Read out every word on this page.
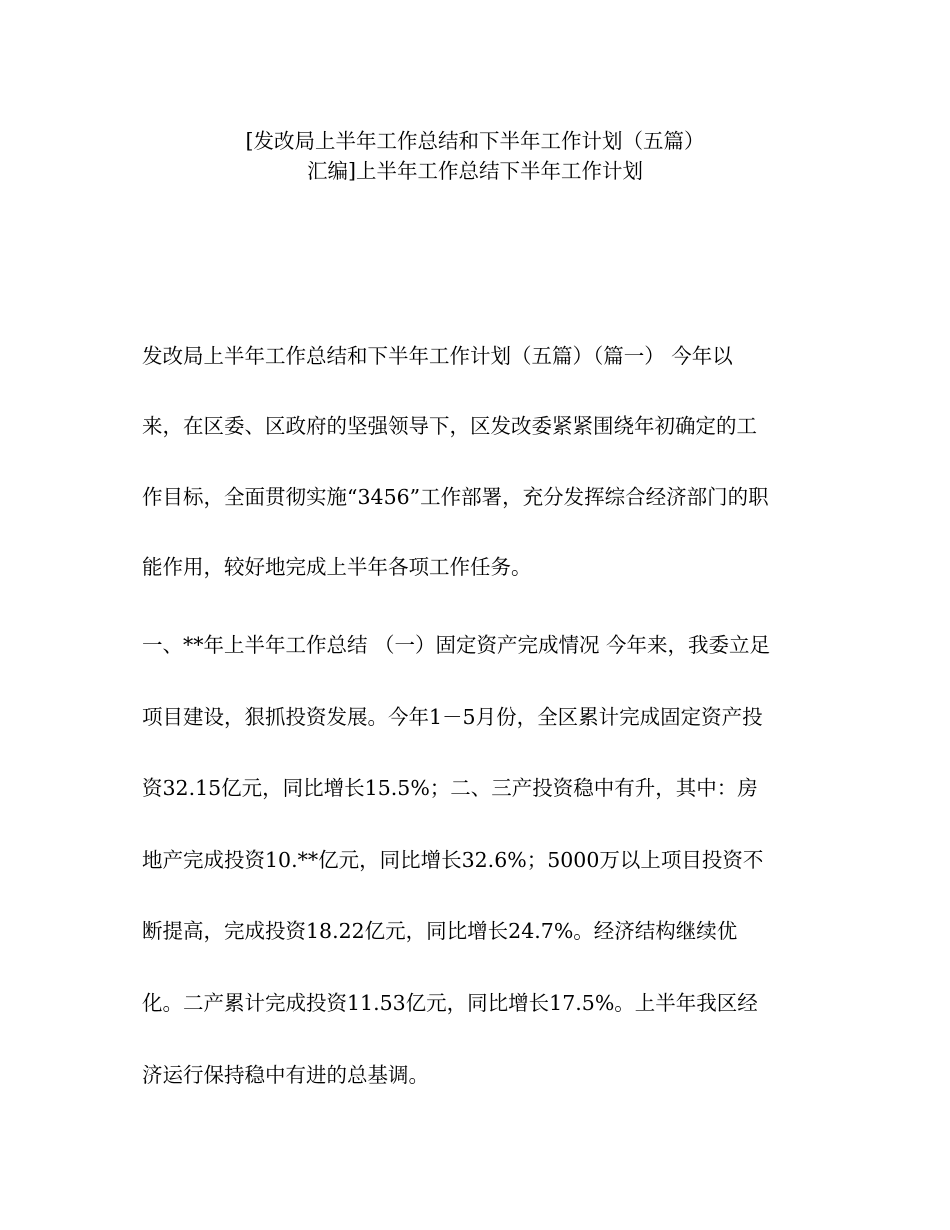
[发改局上半年工作总结和下半年工作计划（五篇）
汇编]上半年工作总结下半年工作计划
发改局上半年工作总结和下半年工作计划（五篇）（篇一） 今年以
来，在区委、区政府的坚强领导下，区发改委紧紧围绕年初确定的工
作目标，全面贯彻实施“3456”工作部署，充分发挥综合经济部门的职
能作用，较好地完成上半年各项工作任务。
一、**年上半年工作总结 （一）固定资产完成情况 今年来，我委立足
项目建设，狠抓投资发展。今年1－5月份，全区累计完成固定资产投
资32.15亿元，同比增长15.5%；二、三产投资稳中有升，其中：房
地产完成投资10.**亿元，同比增长32.6%；5000万以上项目投资不
断提高，完成投资18.22亿元，同比增长24.7%。经济结构继续优
化。二产累计完成投资11.53亿元，同比增长17.5%。上半年我区经
济运行保持稳中有进的总基调。
